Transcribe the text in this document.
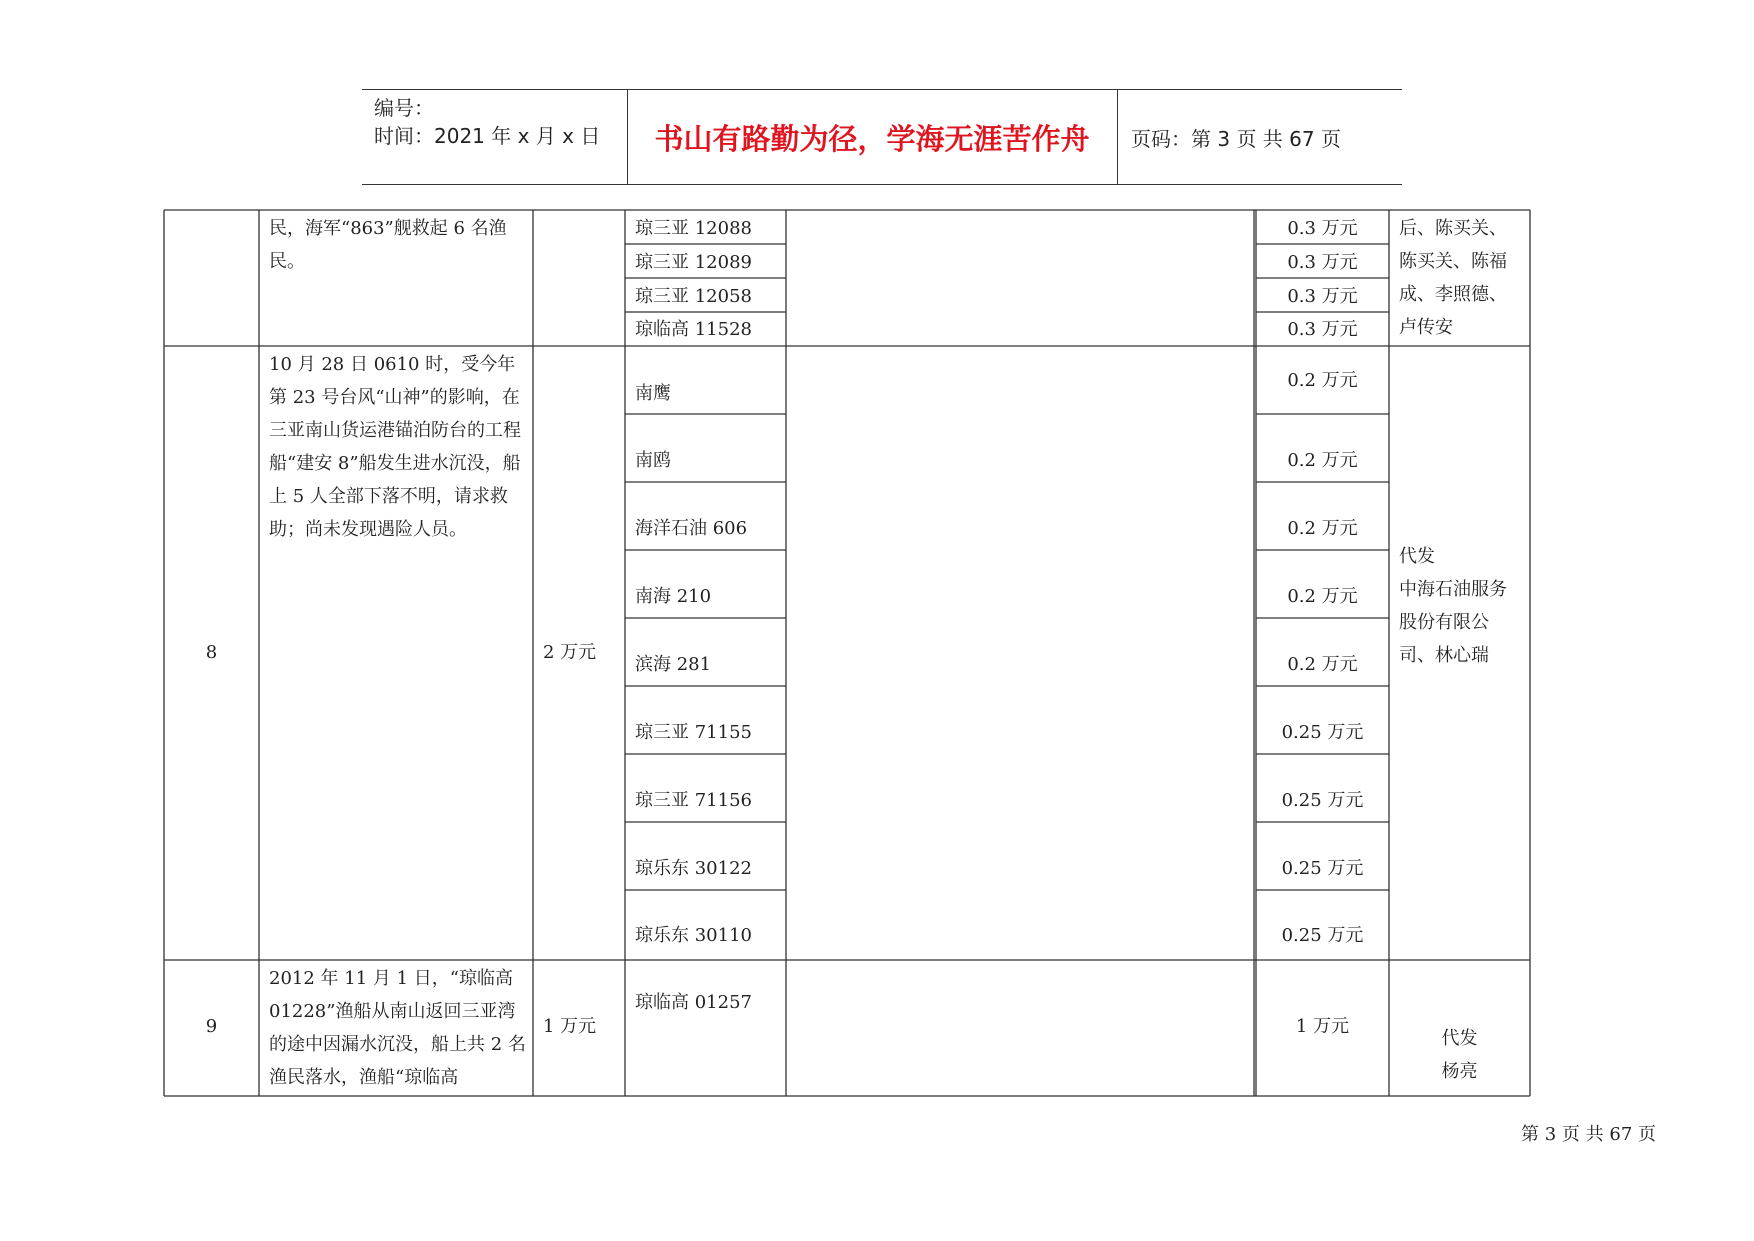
编号：
时间：2021 年 x 月 x 日	书山有路勤为径，学海无涯苦作舟	页码：第 3 页 共 67 页
民，海军“863”舰救起 6 名渔民。
琼三亚 12088
琼三亚 12089
琼三亚 12058
琼临高 11528
0.3 万元
0.3 万元
0.3 万元
0.3 万元
后、陈买关、陈买关、陈福成、李照德、卢传安
8
10 月 28 日 0610 时，受今年第 23 号台风“山神”的影响，在三亚南山货运港锚泊防台的工程船“建安 8”船发生进水沉没，船上 5 人全部下落不明，请求救助；尚未发现遇险人员。
2 万元
南鹰
南鸥
海洋石油 606
南海 210
滨海 281
琼三亚 71155
琼三亚 71156
琼乐东 30122
琼乐东 30110
0.2 万元
0.2 万元
0.2 万元
0.2 万元
0.2 万元
0.25 万元
0.25 万元
0.25 万元
0.25 万元
代发
中海石油服务股份有限公司、林心瑞
9
2012 年 11 月 1 日，“琼临高 01228”渔船从南山返回三亚湾的途中因漏水沉没，船上共 2 名渔民落水，渔船“琼临高
1 万元
琼临高 01257
1 万元
代发
杨亮
第 3 页 共 67 页
